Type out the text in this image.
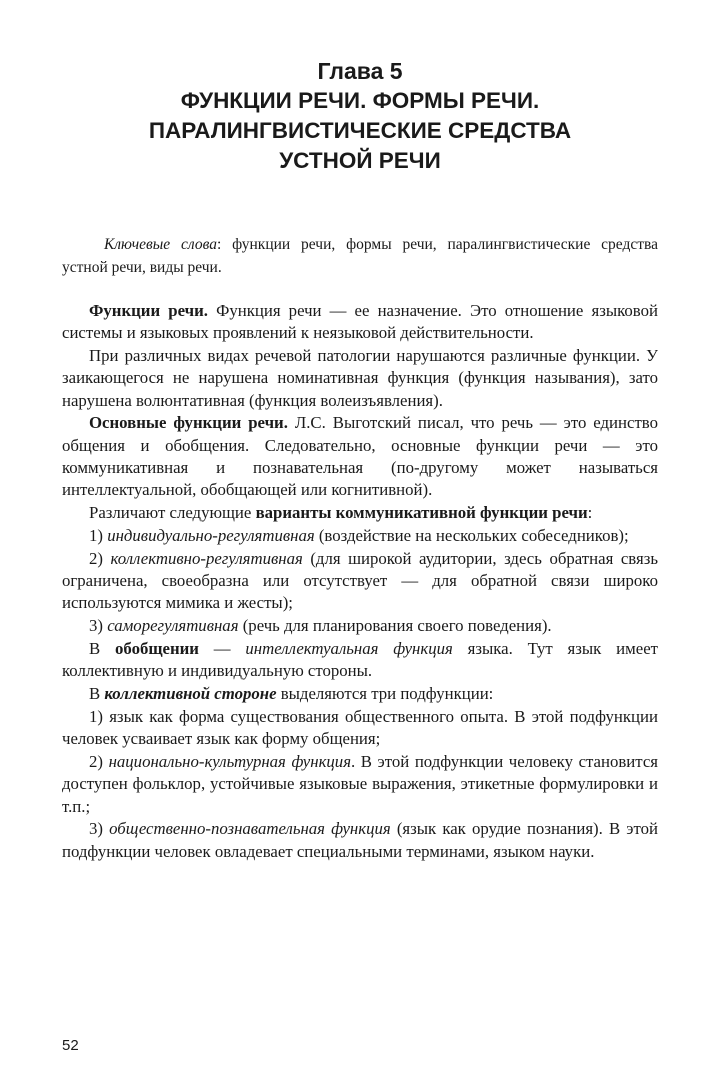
Глава 5
ФУНКЦИИ РЕЧИ. ФОРМЫ РЕЧИ.
ПАРАЛИНГВИСТИЧЕСКИЕ СРЕДСТВА
УСТНОЙ РЕЧИ
Ключевые слова: функции речи, формы речи, паралингвистические средства устной речи, виды речи.

Функции речи. Функция речи — ее назначение. Это отношение языковой системы и языковых проявлений к неязыковой действительности.

При различных видах речевой патологии нарушаются различные функции. У заикающегося не нарушена номинативная функция (функция называния), зато нарушена волюнтативная (функция волеизъявления).

Основные функции речи. Л.С. Выготский писал, что речь — это единство общения и обобщения. Следовательно, основные функции речи — это коммуникативная и познавательная (по-другому может называться интеллектуальной, обобщающей или когнитивной).

Различают следующие варианты коммуникативной функции речи:

1) индивидуально-регулятивная (воздействие на нескольких собеседников);

2) коллективно-регулятивная (для широкой аудитории, здесь обратная связь ограничена, своеобразна или отсутствует — для обратной связи широко используются мимика и жесты);

3) саморегулятивная (речь для планирования своего поведения).

В обобщении — интеллектуальная функция языка. Тут язык имеет коллективную и индивидуальную стороны.

В коллективной стороне выделяются три подфункции:

1) язык как форма существования общественного опыта. В этой подфункции человек усваивает язык как форму общения;

2) национально-культурная функция. В этой подфункции человеку становится доступен фольклор, устойчивые языковые выражения, этикетные формулировки и т.п.;

3) общественно-познавательная функция (язык как орудие познания). В этой подфункции человек овладевает специальными терминами, языком науки.

52
